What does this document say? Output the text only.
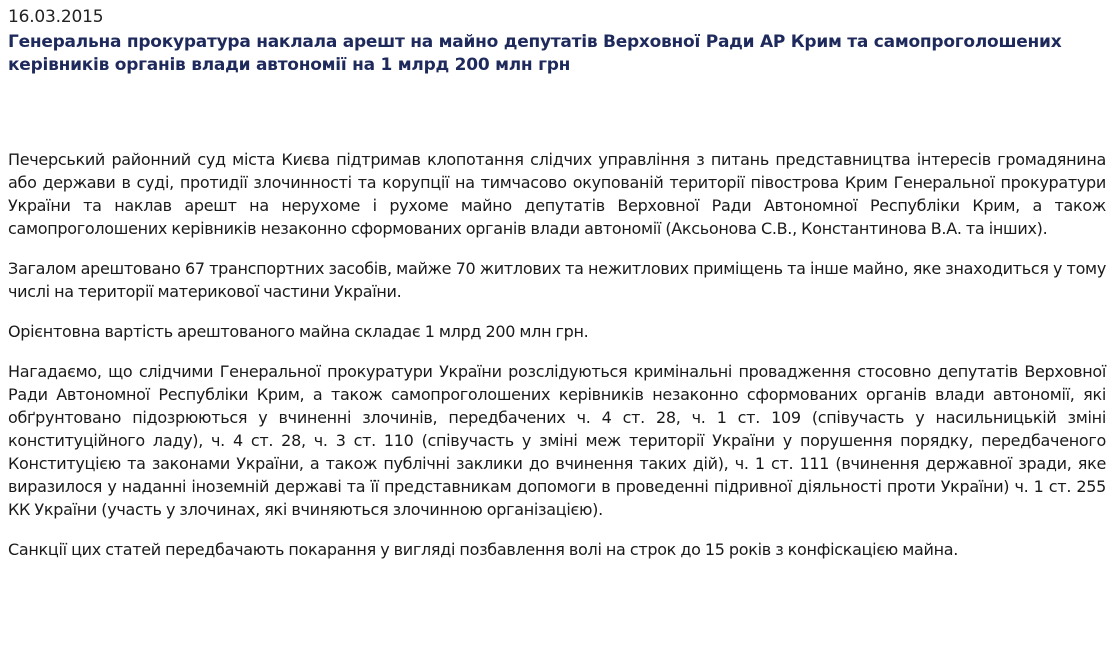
16.03.2015

Генеральна прокуратура наклала арешт на майно депутатів Верховної Ради АР Крим та самопроголошених керівників органів влади автономії на 1 млрд 200 млн грн

Печерський районний суд міста Києва підтримав клопотання слідчих управління з питань представництва інтересів громадянина або держави в суді, протидії злочинності та корупції на тимчасово окупованій території півострова Крим Генеральної прокуратури України та наклав арешт на нерухоме і рухоме майно депутатів Верховної Ради Автономної Республіки Крим, а також самопроголошених керівників незаконно сформованих органів влади автономії (Аксьонова С.В., Константинова В.А. та інших).

Загалом арештовано 67 транспортних засобів, майже 70 житлових та нежитлових приміщень та інше майно, яке знаходиться у тому числі на території материкової частини України.

Орієнтовна вартість арештованого майна складає 1 млрд 200 млн грн.

Нагадаємо, що слідчими Генеральної прокуратури України розслідуються кримінальні провадження стосовно депутатів Верховної Ради Автономної Республіки Крим, а також самопроголошених керівників незаконно сформованих органів влади автономії, які обґрунтовано підозрюються у вчиненні злочинів, передбачених ч. 4 ст. 28, ч. 1 ст. 109 (співучасть у насильницькій зміні конституційного ладу), ч. 4 ст. 28, ч. 3 ст. 110 (співучасть у зміні меж території України у порушення порядку, передбаченого Конституцією та законами України, а також публічні заклики до вчинення таких дій), ч. 1 ст. 111 (вчинення державної зради, яке виразилося у наданні іноземній державі та її представникам допомоги в проведенні підривної діяльності проти України) ч. 1 ст. 255 КК України (участь у злочинах, які вчиняються злочинною організацією).

Санкції цих статей передбачають покарання у вигляді позбавлення волі на строк до 15 років з конфіскацією майна.
